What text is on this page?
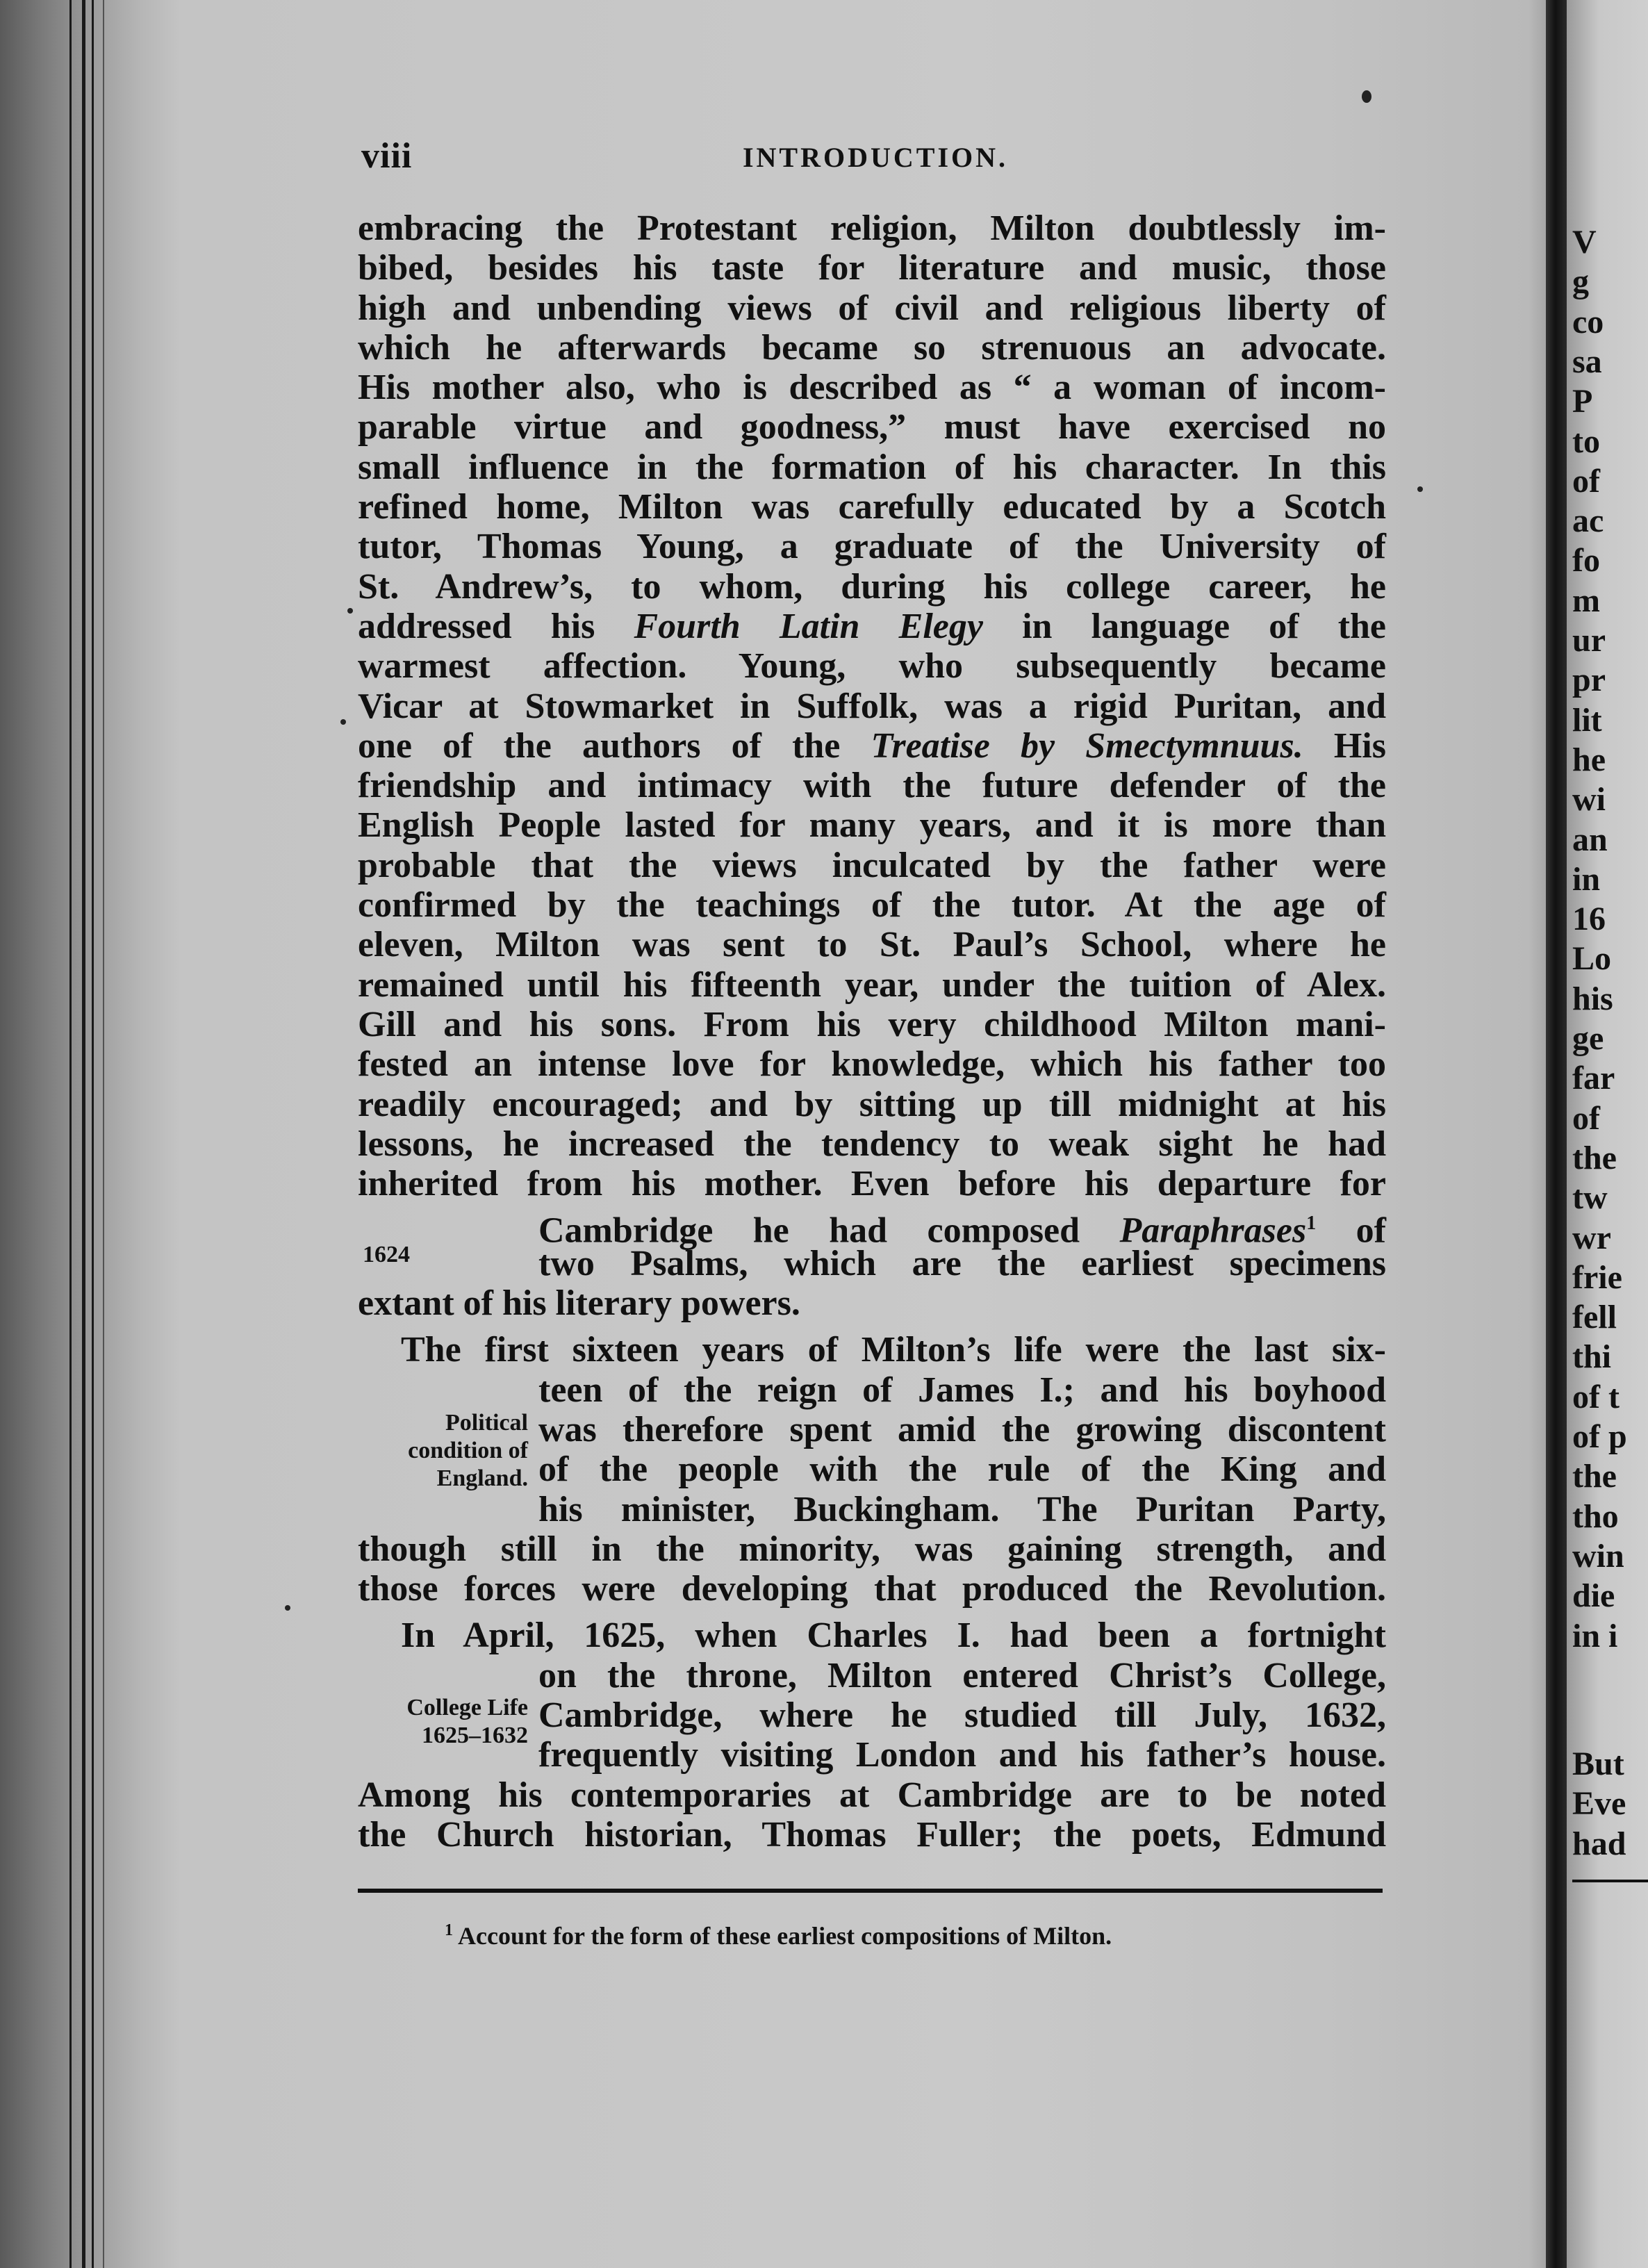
V
g
co
sa
P
to
of
ac
fo
m
ur
pr
lit
he
wi
an
in
16
Lo
his
ge
far
of
the
tw
wr
frie
fell
thi
of t
of p
the
tho
win
die
in i
But
Eve
had
viii	INTRODUCTION.
embracing the Protestant religion, Milton doubtlessly im-
bibed, besides his taste for literature and music, those
high and unbending views of civil and religious liberty of
which he afterwards became so strenuous an advocate.
His mother also, who is described as “ a woman of incom-
parable virtue and goodness,” must have exercised no
small influence in the formation of his character. In this
refined home, Milton was carefully educated by a Scotch
tutor, Thomas Young, a graduate of the University of
St. Andrew’s, to whom, during his college career, he
addressed his Fourth Latin Elegy in language of the
warmest affection. Young, who subsequently became
Vicar at Stowmarket in Suffolk, was a rigid Puritan, and
one of the authors of the Treatise by Smectymnuus. His
friendship and intimacy with the future defender of the
English People lasted for many years, and it is more than
probable that the views inculcated by the father were
confirmed by the teachings of the tutor. At the age of
eleven, Milton was sent to St. Paul’s School, where he
remained until his fifteenth year, under the tuition of Alex.
Gill and his sons. From his very childhood Milton mani-
fested an intense love for knowledge, which his father too
readily encouraged; and by sitting up till midnight at his
lessons, he increased the tendency to weak sight he had
inherited from his mother. Even before his departure for
Cambridge he had composed Paraphrases$^1$ of
two Psalms, which are the earliest specimens
extant of his literary powers.
The first sixteen years of Milton’s life were the last six-
teen of the reign of James I.; and his boyhood
was therefore spent amid the growing discontent
of the people with the rule of the King and
his minister, Buckingham. The Puritan Party,
though still in the minority, was gaining strength, and
those forces were developing that produced the Revolution.
In April, 1625, when Charles I. had been a fortnight
on the throne, Milton entered Christ’s College,
Cambridge, where he studied till July, 1632,
frequently visiting London and his father’s house.
Among his contemporaries at Cambridge are to be noted
the Church historian, Thomas Fuller; the poets, Edmund
1624
Political
condition of
England.
College Life
1625–1632
$^1$ Account for the form of these earliest compositions of Milton.
